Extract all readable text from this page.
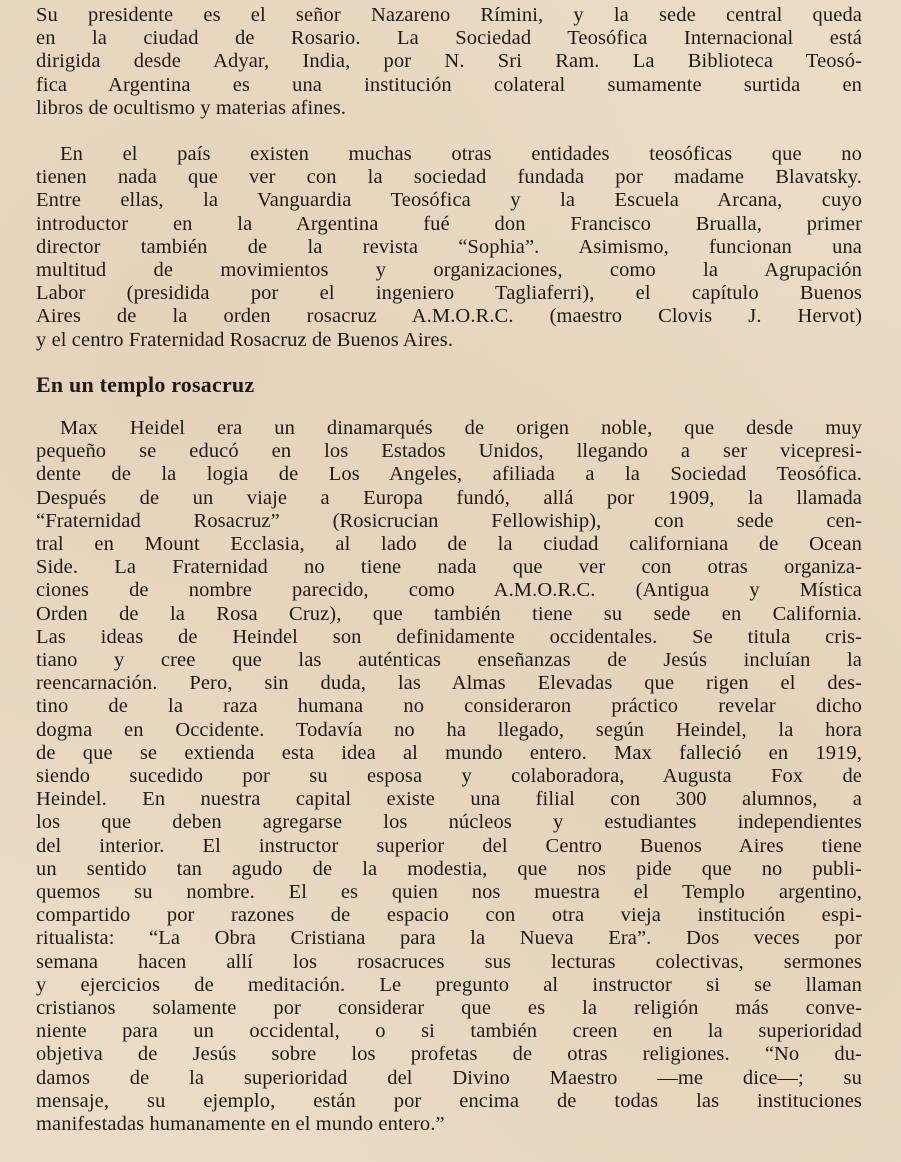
Su presidente es el señor Nazareno Rímini, y la sede central queda
en la ciudad de Rosario. La Sociedad Teosófica Internacional está
dirigida desde Adyar, India, por N. Sri Ram. La Biblioteca Teosó-
fica Argentina es una institución colateral sumamente surtida en
libros de ocultismo y materias afines.

En el país existen muchas otras entidades teosóficas que no
tienen nada que ver con la sociedad fundada por madame Blavatsky.
Entre ellas, la Vanguardia Teosófica y la Escuela Arcana, cuyo
introductor en la Argentina fué don Francisco Brualla, primer
director también de la revista “Sophia”. Asimismo, funcionan una
multitud de movimientos y organizaciones, como la Agrupación
Labor (presidida por el ingeniero Tagliaferri), el capítulo Buenos
Aires de la orden rosacruz A.M.O.R.C. (maestro Clovis J. Hervot)
y el centro Fraternidad Rosacruz de Buenos Aires.

En un templo rosacruz

Max Heidel era un dinamarqués de origen noble, que desde muy
pequeño se educó en los Estados Unidos, llegando a ser vicepresi-
dente de la logia de Los Angeles, afiliada a la Sociedad Teosófica.
Después de un viaje a Europa fundó, allá por 1909, la llamada
“Fraternidad Rosacruz” (Rosicrucian Fellowiship), con sede cen-
tral en Mount Ecclasia, al lado de la ciudad californiana de Ocean
Side. La Fraternidad no tiene nada que ver con otras organiza-
ciones de nombre parecido, como A.M.O.R.C. (Antigua y Mística
Orden de la Rosa Cruz), que también tiene su sede en California.
Las ideas de Heindel son definidamente occidentales. Se titula cris-
tiano y cree que las auténticas enseñanzas de Jesús incluían la
reencarnación. Pero, sin duda, las Almas Elevadas que rigen el des-
tino de la raza humana no consideraron práctico revelar dicho
dogma en Occidente. Todavía no ha llegado, según Heindel, la hora
de que se extienda esta idea al mundo entero. Max falleció en 1919,
siendo sucedido por su esposa y colaboradora, Augusta Fox de
Heindel. En nuestra capital existe una filial con 300 alumnos, a
los que deben agregarse los núcleos y estudiantes independientes
del interior. El instructor superior del Centro Buenos Aires tiene
un sentido tan agudo de la modestia, que nos pide que no publi-
quemos su nombre. El es quien nos muestra el Templo argentino,
compartido por razones de espacio con otra vieja institución espi-
ritualista: “La Obra Cristiana para la Nueva Era”. Dos veces por
semana hacen allí los rosacruces sus lecturas colectivas, sermones
y ejercicios de meditación. Le pregunto al instructor si se llaman
cristianos solamente por considerar que es la religión más conve-
niente para un occidental, o si también creen en la superioridad
objetiva de Jesús sobre los profetas de otras religiones. “No du-
damos de la superioridad del Divino Maestro —me dice—; su
mensaje, su ejemplo, están por encima de todas las instituciones
manifestadas humanamente en el mundo entero.”
